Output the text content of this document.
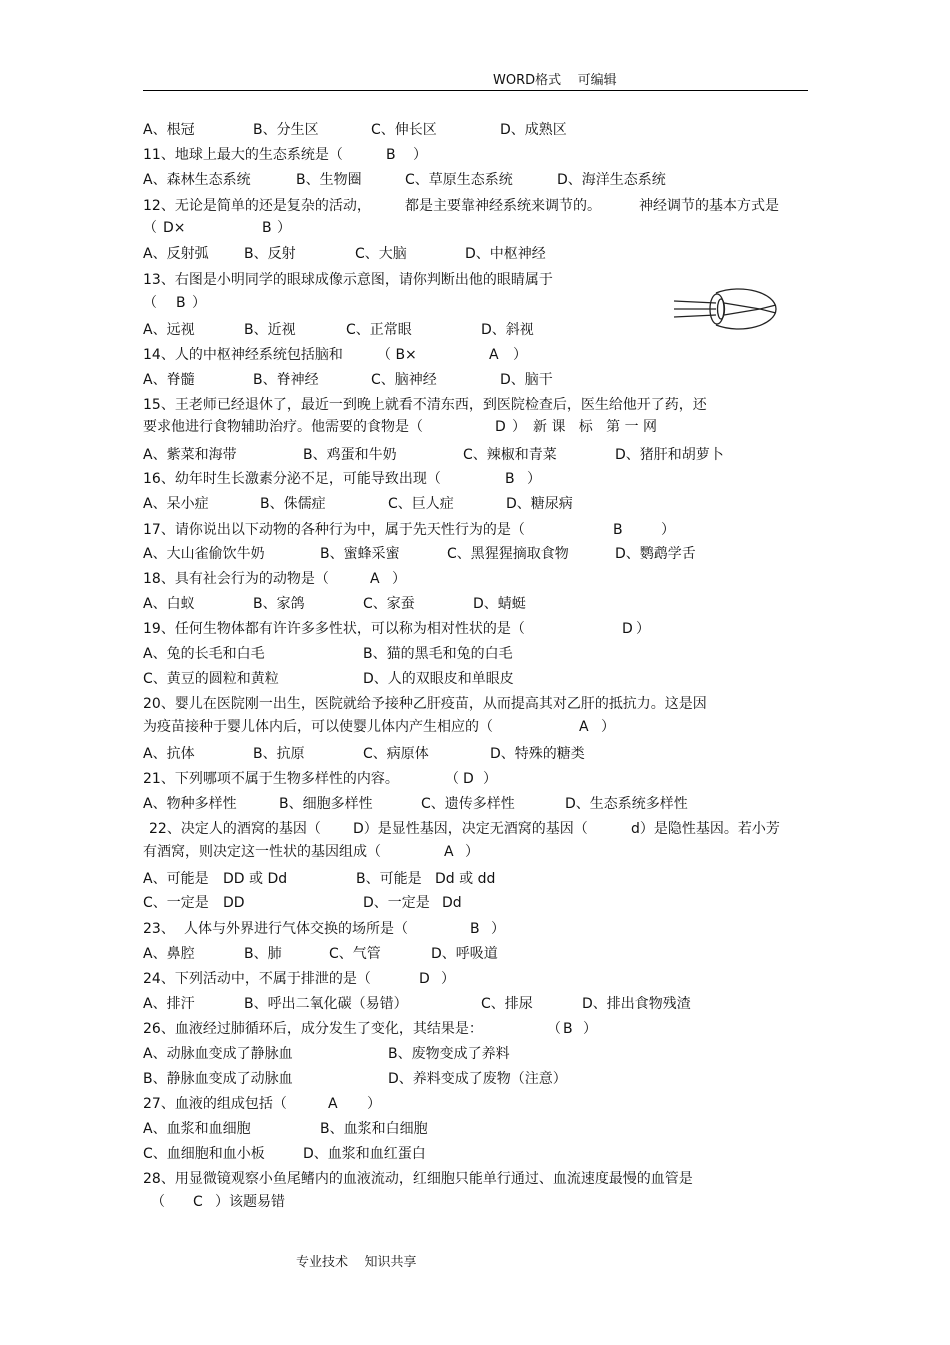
WORD格式    可编辑
A、根冠	B、分生区	C、伸长区	D、成熟区
11、地球上最大的生态系统是（	B ）
A、森林生态系统	B、生物圈	C、草原生态系统	D、海洋生态系统
12、无论是简单的还是复杂的活动， 都是主要靠神经系统来调节的。	神经调节的基本方式是
（ D×	B ）
A、反射弧	B、反射	C、大脑	D、中枢神经
13、右图是小明同学的眼球成像示意图，请你判断出他的眼睛属于
（ B ）
A、远视	B、近视	C、正常眼	D、斜视
14、人的中枢神经系统包括脑和 （ B×	A ）
A、脊髓	B、脊神经	C、脑神经	D、脑干
15、王老师已经退休了，最近一到晚上就看不清东西，到医院检查后，医生给他开了药，还
要求他进行食物辅助治疗。他需要的食物是（	D ） 新 课   标   第 一 网
A、紫菜和海带	B、鸡蛋和牛奶	C、辣椒和青菜	D、猪肝和胡萝卜
16、幼年时生长激素分泌不足，可能导致出现（	B ）
A、呆小症	B、侏儒症	C、巨人症	D、糖尿病
17、请你说出以下动物的各种行为中，属于先天性行为的是（	B	）
A、大山雀偷饮牛奶	B、蜜蜂采蜜	C、黑猩猩摘取食物	D、鹦鹉学舌
18、具有社会行为的动物是（	A ）
A、白蚁	B、家鸽	C、家蚕	D、蜻蜓
19、任何生物体都有许许多多性状，可以称为相对性状的是（	D ）
A、兔的长毛和白毛	B、猫的黑毛和兔的白毛
C、黄豆的圆粒和黄粒	D、人的双眼皮和单眼皮
20、婴儿在医院刚一出生，医院就给予接种乙肝疫苗，从而提高其对乙肝的抵抗力。这是因
为疫苗接种于婴儿体内后，可以使婴儿体内产生相应的（	A ）
A、抗体	B、抗原	C、病原体	D、特殊的糖类
21、下列哪项不属于生物多样性的内容。	（ D ）
A、物种多样性	B、细胞多样性	C、遗传多样性	D、生态系统多样性
22、决定人的酒窝的基因（ D）是显性基因，决定无酒窝的基因（	d）是隐性基因。若小芳
有酒窝，则决定这一性状的基因组成（	A ）
A、可能是 DD 或 Dd	B、可能是 Dd 或 dd
C、一定是 DD	D、一定是 Dd
23、 人体与外界进行气体交换的场所是（	B ）
A、鼻腔	B、肺	C、气管	D、呼吸道
24、下列活动中，不属于排泄的是（	D ）
A、排汗	B、呼出二氧化碳（易错）	C、排尿	D、排出食物残渣
26、血液经过肺循环后，成分发生了变化，其结果是：	（ B ）
A、动脉血变成了静脉血	B、废物变成了养料
B、静脉血变成了动脉血	D、养料变成了废物（注意）
27、血液的组成包括（	A ）
A、血浆和血细胞	B、血浆和白细胞
C、血细胞和血小板	D、血浆和血红蛋白
28、用显微镜观察小鱼尾鳍内的血液流动，红细胞只能单行通过、血流速度最慢的血管是
（ C ）该题易错
专业技术    知识共享
